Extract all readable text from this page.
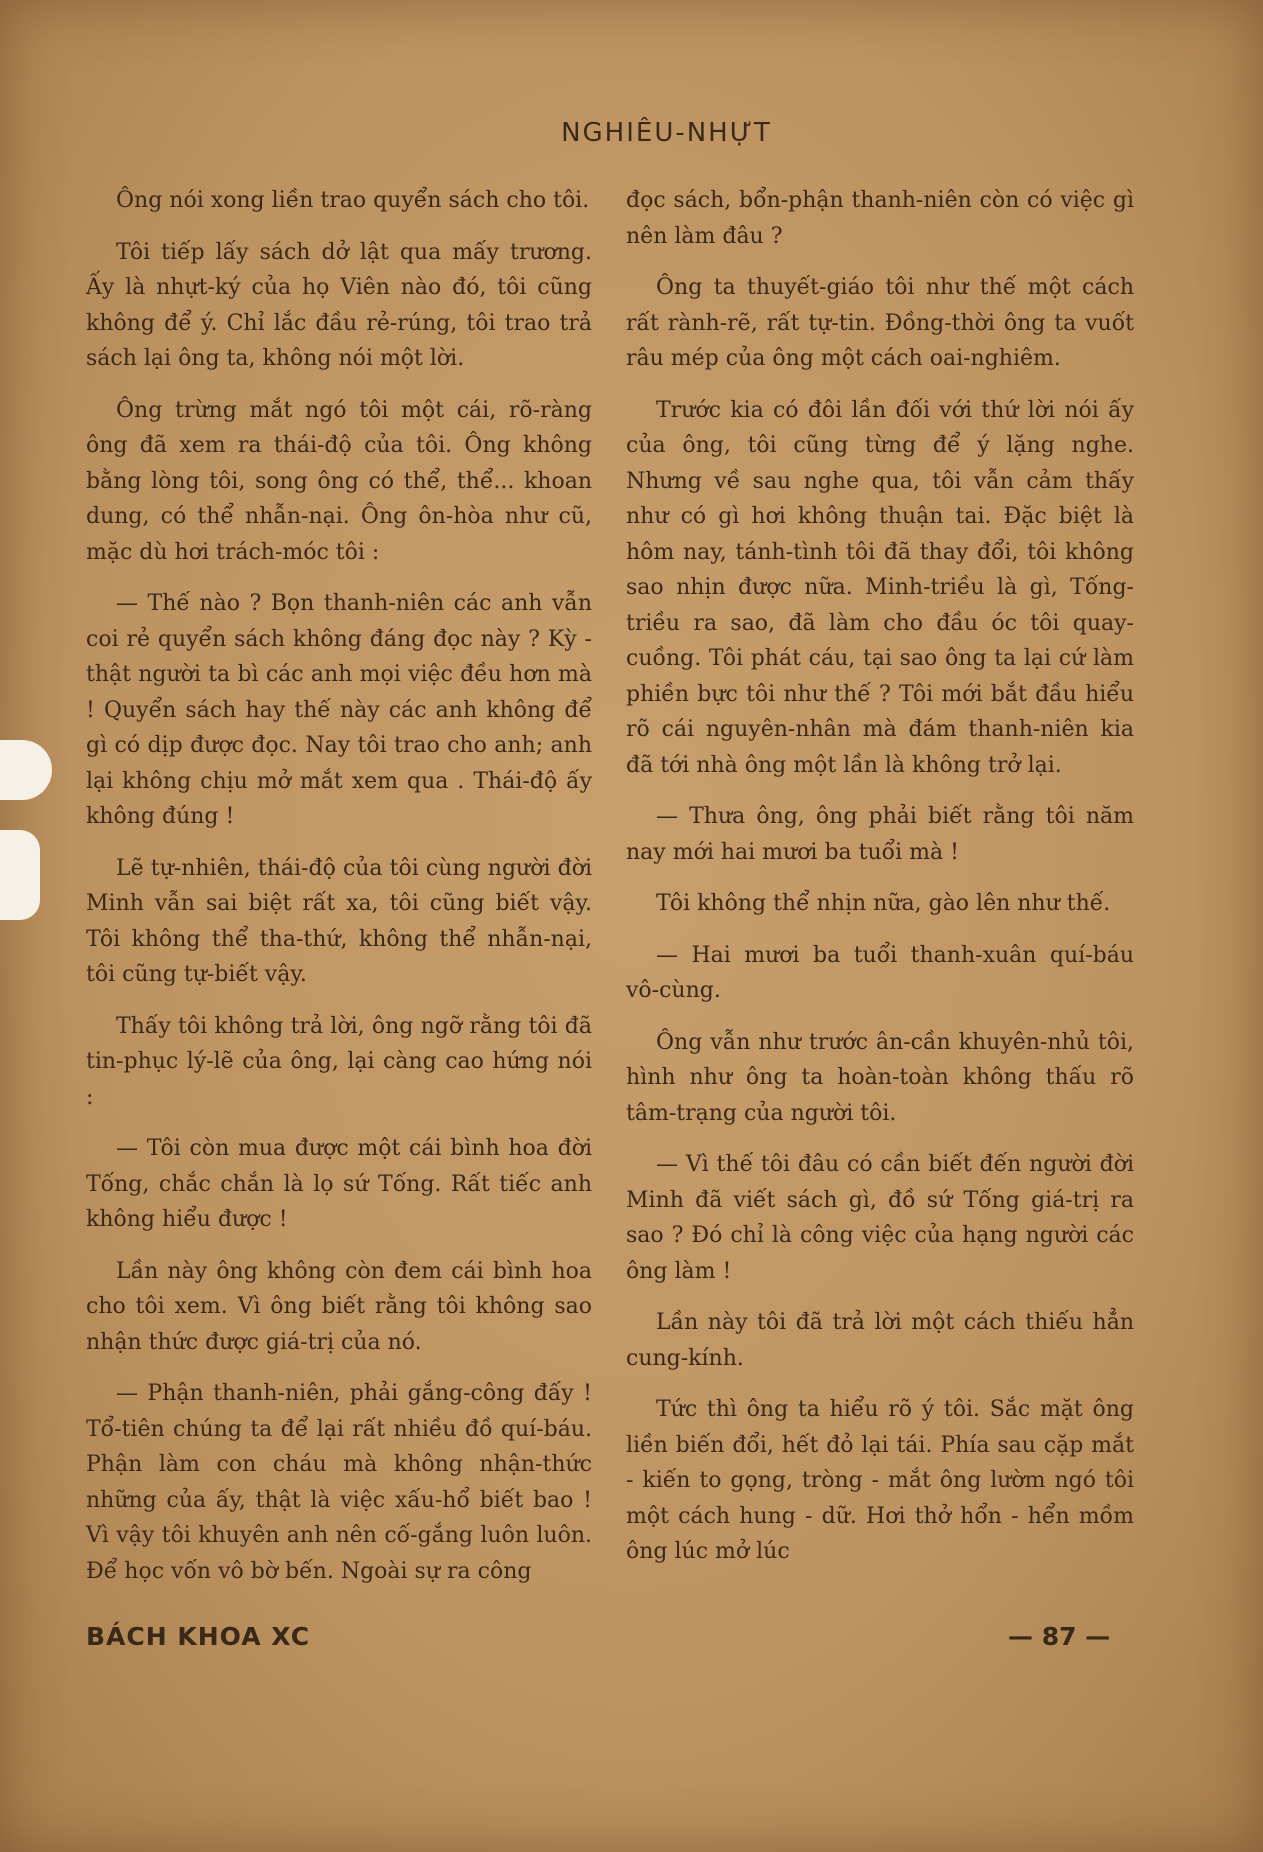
NGHIÊU-NHỰT

Ông nói xong liền trao quyển sách cho tôi.

Tôi tiếp lấy sách dở lật qua mấy trương. Ấy là nhựt-ký của họ Viên nào đó, tôi cũng không để ý. Chỉ lắc đầu rẻ-rúng, tôi trao trả sách lại ông ta, không nói một lời.

Ông trừng mắt ngó tôi một cái, rõ-ràng ông đã xem ra thái-độ của tôi. Ông không bằng lòng tôi, song ông có thể, thể... khoan dung, có thể nhẫn-nại. Ông ôn-hòa như cũ, mặc dù hơi trách-móc tôi :

— Thế nào ? Bọn thanh-niên các anh vẫn coi rẻ quyển sách không đáng đọc này ? Kỳ - thật người ta bì các anh mọi việc đều hơn mà ! Quyển sách hay thế này các anh không để gì có dịp được đọc. Nay tôi trao cho anh; anh lại không chịu mở mắt xem qua . Thái-độ ấy không đúng !

Lẽ tự-nhiên, thái-độ của tôi cùng người đời Minh vẫn sai biệt rất xa, tôi cũng biết vậy. Tôi không thể tha-thứ, không thể nhẫn-nại, tôi cũng tự-biết vậy.

Thấy tôi không trả lời, ông ngỡ rằng tôi đã tin-phục lý-lẽ của ông, lại càng cao hứng nói :

— Tôi còn mua được một cái bình hoa đời Tống, chắc chắn là lọ sứ Tống. Rất tiếc anh không hiểu được !

Lần này ông không còn đem cái bình hoa cho tôi xem. Vì ông biết rằng tôi không sao nhận thức được giá-trị của nó.

— Phận thanh-niên, phải gắng-công đấy ! Tổ-tiên chúng ta để lại rất nhiều đồ quí-báu. Phận làm con cháu mà không nhận-thức những của ấy, thật là việc xấu-hổ biết bao ! Vì vậy tôi khuyên anh nên cố-gắng luôn luôn. Để học vốn vô bờ bến. Ngoài sự ra công

đọc sách, bổn-phận thanh-niên còn có việc gì nên làm đâu ?

Ông ta thuyết-giáo tôi như thế một cách rất rành-rẽ, rất tự-tin. Đồng-thời ông ta vuốt râu mép của ông một cách oai-nghiêm.

Trước kia có đôi lần đối với thứ lời nói ấy của ông, tôi cũng từng để ý lặng nghe. Nhưng về sau nghe qua, tôi vẫn cảm thấy như có gì hơi không thuận tai. Đặc biệt là hôm nay, tánh-tình tôi đã thay đổi, tôi không sao nhịn được nữa. Minh-triều là gì, Tống-triều ra sao, đã làm cho đầu óc tôi quay-cuồng. Tôi phát cáu, tại sao ông ta lại cứ làm phiền bực tôi như thế ? Tôi mới bắt đầu hiểu rõ cái nguyên-nhân mà đám thanh-niên kia đã tới nhà ông một lần là không trở lại.

— Thưa ông, ông phải biết rằng tôi năm nay mới hai mươi ba tuổi mà !

Tôi không thể nhịn nữa, gào lên như thế.

— Hai mươi ba tuổi thanh-xuân quí-báu vô-cùng.

Ông vẫn như trước ân-cần khuyên-nhủ tôi, hình như ông ta hoàn-toàn không thấu rõ tâm-trạng của người tôi.

— Vì thế tôi đâu có cần biết đến người đời Minh đã viết sách gì, đồ sứ Tống giá-trị ra sao ? Đó chỉ là công việc của hạng người các ông làm !

Lần này tôi đã trả lời một cách thiếu hẳn cung-kính.

Tức thì ông ta hiểu rõ ý tôi. Sắc mặt ông liền biến đổi, hết đỏ lại tái. Phía sau cặp mắt - kiến to gọng, tròng - mắt ông lườm ngó tôi một cách hung - dữ. Hơi thở hổn - hển mồm ông lúc mở lúc

BÁCH KHOA XC	— 87 —
